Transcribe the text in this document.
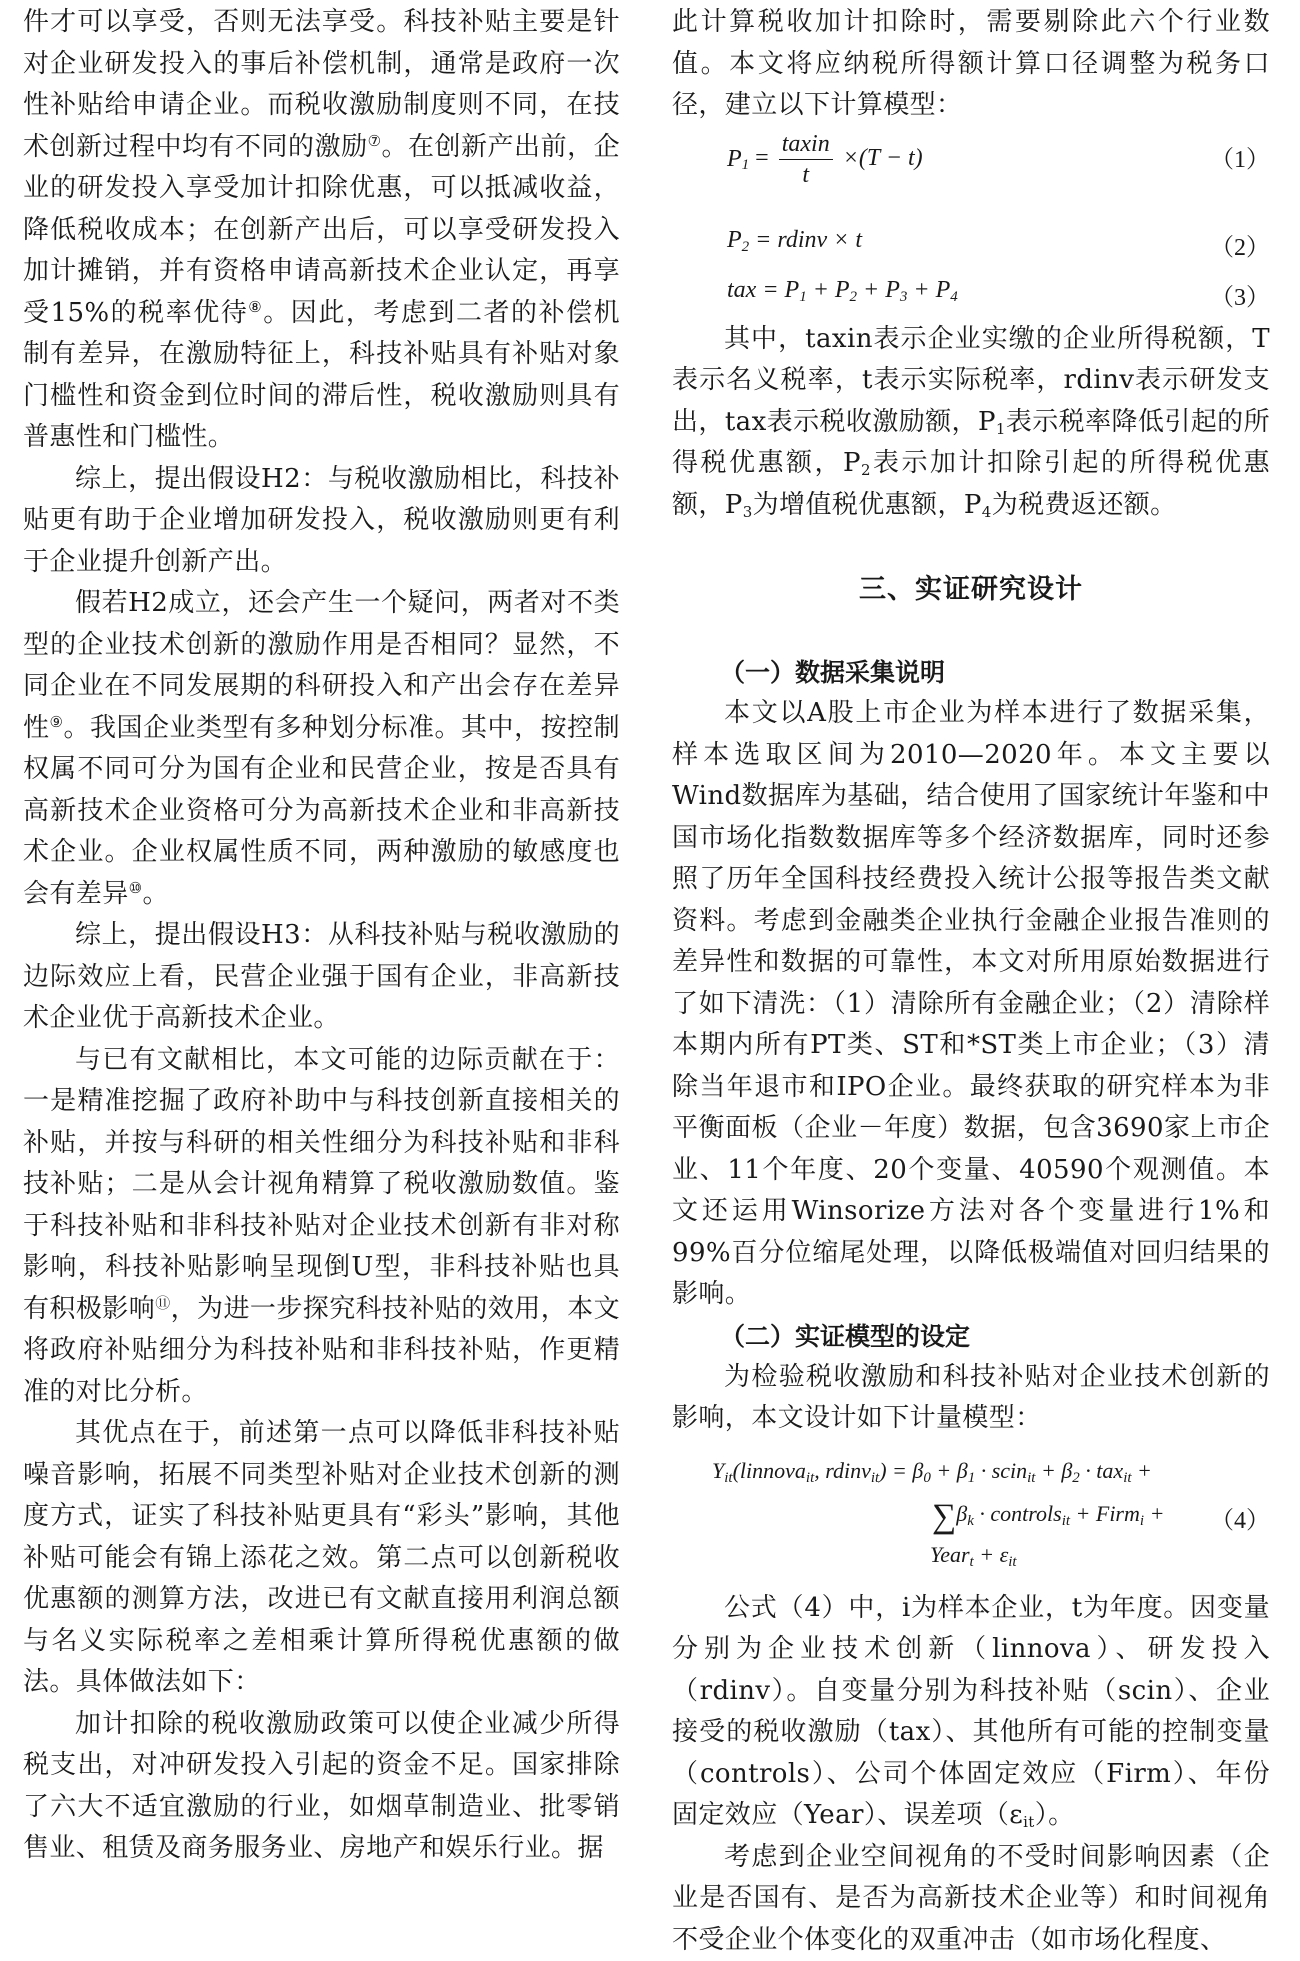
件才可以享受，否则无法享受。科技补贴主要是针对企业研发投入的事后补偿机制，通常是政府一次性补贴给申请企业。而税收激励制度则不同，在技术创新过程中均有不同的激励⑦。在创新产出前，企业的研发投入享受加计扣除优惠，可以抵减收益，降低税收成本；在创新产出后，可以享受研发投入加计摊销，并有资格申请高新技术企业认定，再享受15%的税率优待⑧。因此，考虑到二者的补偿机制有差异，在激励特征上，科技补贴具有补贴对象门槛性和资金到位时间的滞后性，税收激励则具有普惠性和门槛性。

综上，提出假设H2：与税收激励相比，科技补贴更有助于企业增加研发投入，税收激励则更有利于企业提升创新产出。

假若H2成立，还会产生一个疑问，两者对不类型的企业技术创新的激励作用是否相同？显然，不同企业在不同发展期的科研投入和产出会存在差异性⑨。我国企业类型有多种划分标准。其中，按控制权属不同可分为国有企业和民营企业，按是否具有高新技术企业资格可分为高新技术企业和非高新技术企业。企业权属性质不同，两种激励的敏感度也会有差异⑩。

综上，提出假设H3：从科技补贴与税收激励的边际效应上看，民营企业强于国有企业，非高新技术企业优于高新技术企业。

与已有文献相比，本文可能的边际贡献在于：一是精准挖掘了政府补助中与科技创新直接相关的补贴，并按与科研的相关性细分为科技补贴和非科技补贴；二是从会计视角精算了税收激励数值。鉴于科技补贴和非科技补贴对企业技术创新有非对称影响，科技补贴影响呈现倒U型，非科技补贴也具有积极影响⑪，为进一步探究科技补贴的效用，本文将政府补贴细分为科技补贴和非科技补贴，作更精准的对比分析。

其优点在于，前述第一点可以降低非科技补贴噪音影响，拓展不同类型补贴对企业技术创新的测度方式，证实了科技补贴更具有“彩头”影响，其他补贴可能会有锦上添花之效。第二点可以创新税收优惠额的测算方法，改进已有文献直接用利润总额与名义实际税率之差相乘计算所得税优惠额的做法。具体做法如下：

加计扣除的税收激励政策可以使企业减少所得税支出，对冲研发投入引起的资金不足。国家排除了六大不适宜激励的行业，如烟草制造业、批零销售业、租赁及商务服务业、房地产和娱乐行业。据

此计算税收加计扣除时，需要剔除此六个行业数值。本文将应纳税所得额计算口径调整为税务口径，建立以下计算模型：

$P_1 = \frac{\text{taxin}}{t} \times(T - t)$	（1）
$P_2$ = rdinv × t	（2）
tax = $P_1 + P_2 + P_3 + P_4$	（3）

其中，taxin表示企业实缴的企业所得税额，T表示名义税率，t表示实际税率，rdinv表示研发支出，tax表示税收激励额，$P_1$表示税率降低引起的所得税优惠额，$P_2$表示加计扣除引起的所得税优惠额，$P_3$为增值税优惠额，$P_4$为税费返还额。

三、实证研究设计

（一）数据采集说明

本文以A股上市企业为样本进行了数据采集，样本选取区间为2010—2020年。本文主要以Wind数据库为基础，结合使用了国家统计年鉴和中国市场化指数数据库等多个经济数据库，同时还参照了历年全国科技经费投入统计公报等报告类文献资料。考虑到金融类企业执行金融企业报告准则的差异性和数据的可靠性，本文对所用原始数据进行了如下清洗：（1）清除所有金融企业；（2）清除样本期内所有PT类、ST和*ST类上市企业；（3）清除当年退市和IPO企业。最终获取的研究样本为非平衡面板（企业－年度）数据，包含3690家上市企业、11个年度、20个变量、40590个观测值。本文还运用Winsorize方法对各个变量进行1%和99%百分位缩尾处理，以降低极端值对回归结果的影响。

（二）实证模型的设定

为检验税收激励和科技补贴对企业技术创新的影响，本文设计如下计量模型：

$Y_{it}(linnova_{it}$, rdinv$_{it}$) = $\beta_0 + \beta_1$ · scin$_{it}$ + $\beta_2 \cdot tax_{it}$ +
$\sum\beta_k$ · controls$_{it}$ + Firm$_i$ +
Year$_t$ + $\varepsilon_{it}$
（4）

公式（4）中，i为样本企业，t为年度。因变量分别为企业技术创新（linnova）、研发投入（rdinv）。自变量分别为科技补贴（scin）、企业接受的税收激励（tax）、其他所有可能的控制变量（controls）、公司个体固定效应（Firm）、年份固定效应（Year）、误差项$(\varepsilon_{it})$。

考虑到企业空间视角的不受时间影响因素（企业是否国有、是否为高新技术企业等）和时间视角不受企业个体变化的双重冲击（如市场化程度、
